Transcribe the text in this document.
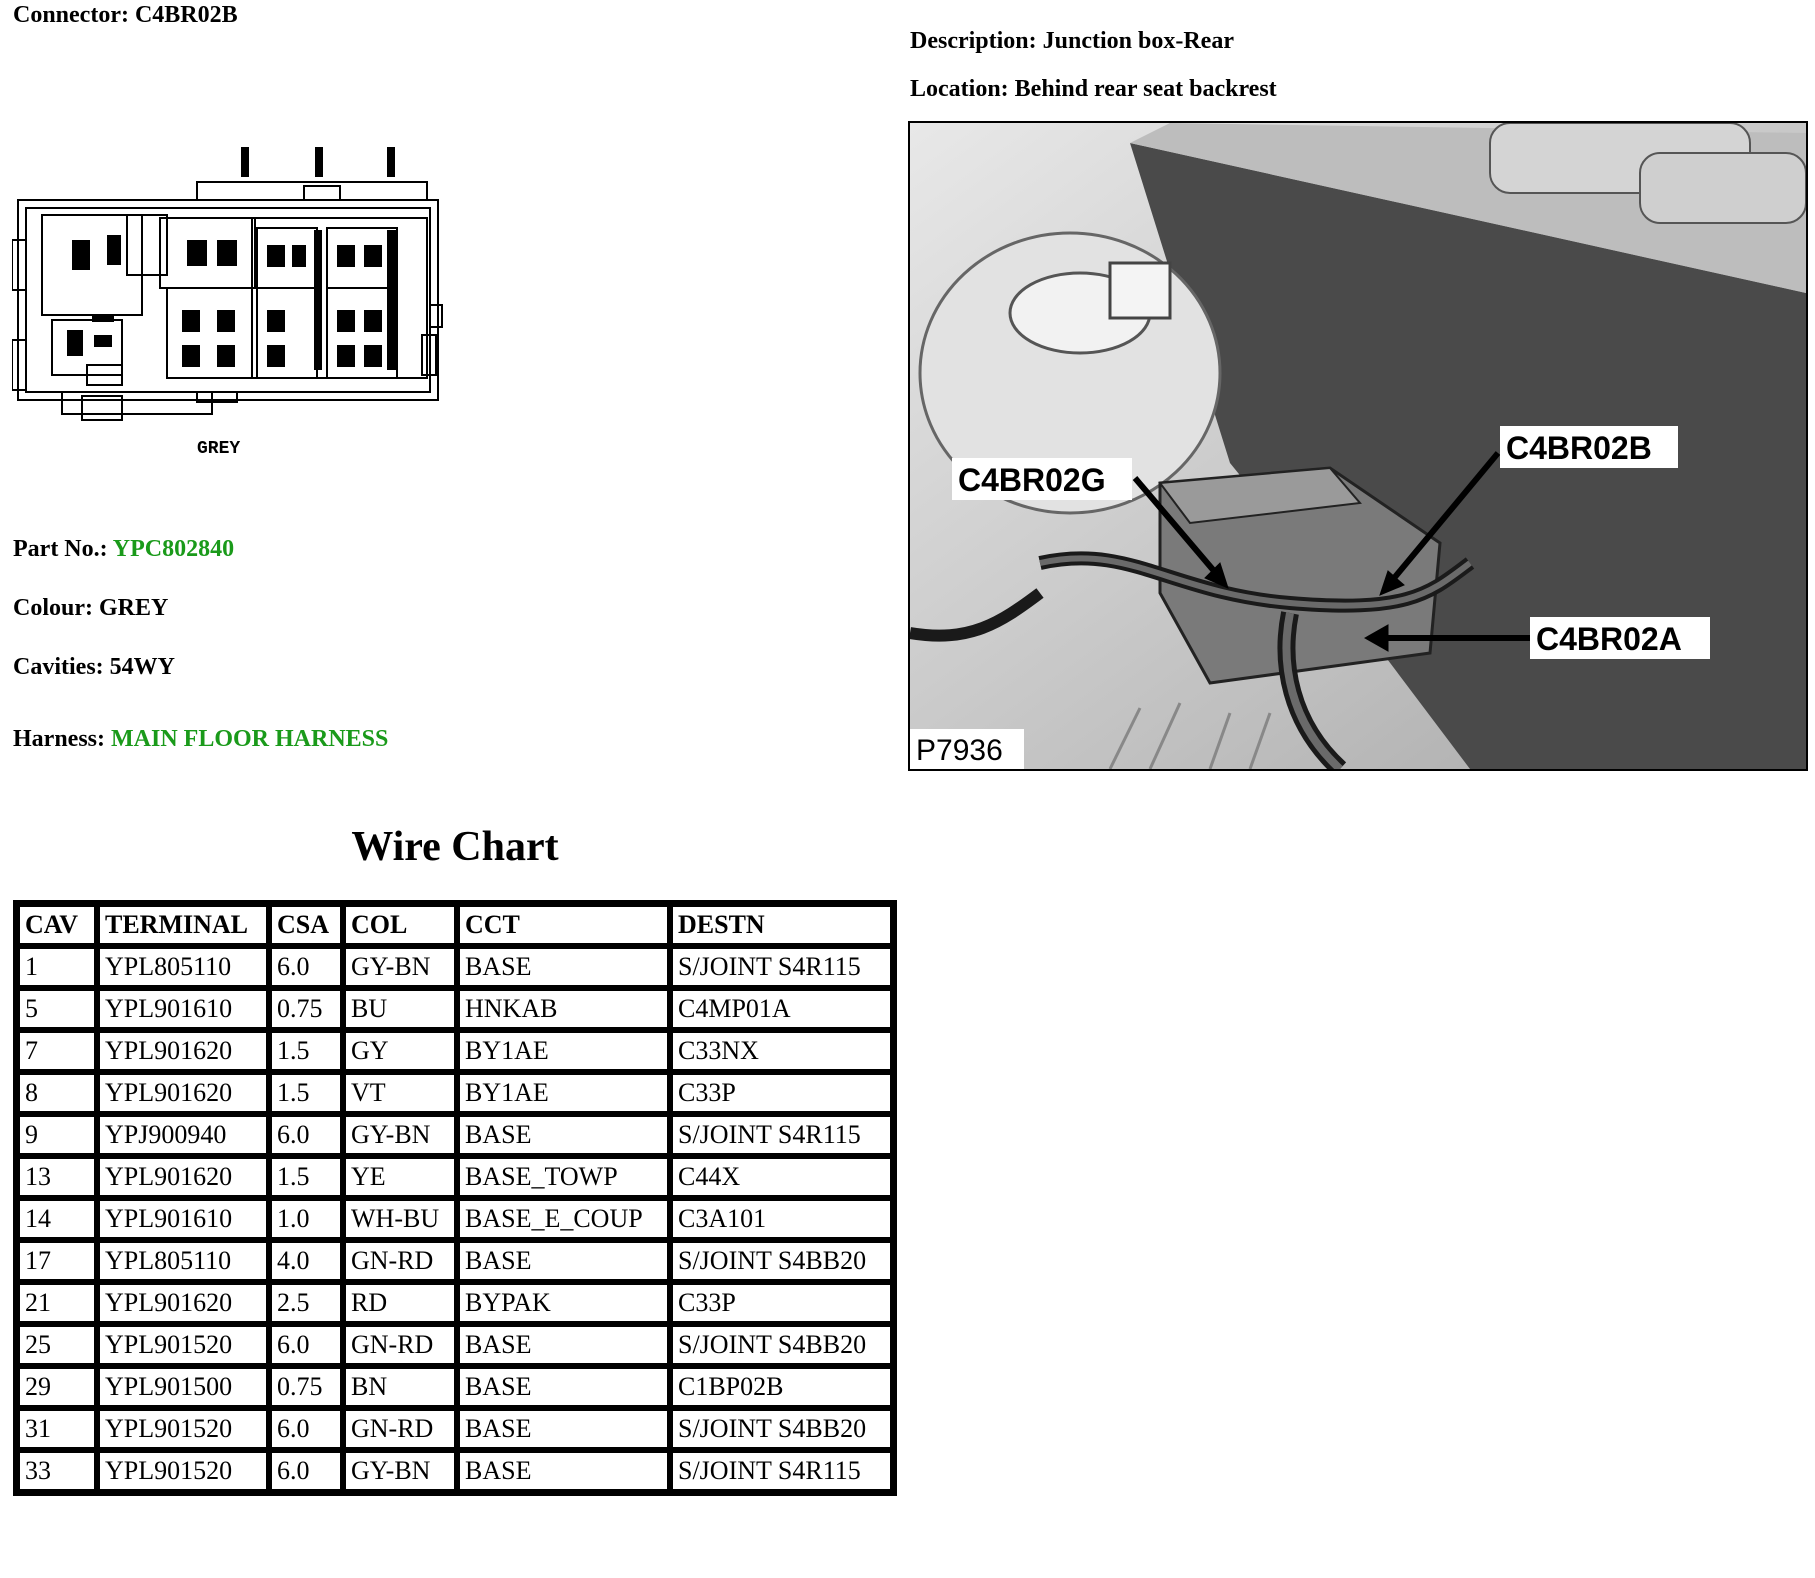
Connector: C4BR02B
Description: Junction box-Rear
Location: Behind rear seat backrest
GREY
C4BR02G
C4BR02B
C4BR02A
P7936
Part No.: YPC802840
Colour: GREY
Cavities: 54WY
Harness: MAIN FLOOR HARNESS
Wire Chart
CAV	TERMINAL	CSA	COL	CCT	DESTN
1	YPL805110	6.0	GY-BN	BASE	S/JOINT S4R115
5	YPL901610	0.75	BU	HNKAB	C4MP01A
7	YPL901620	1.5	GY	BY1AE	C33NX
8	YPL901620	1.5	VT	BY1AE	C33P
9	YPJ900940	6.0	GY-BN	BASE	S/JOINT S4R115
13	YPL901620	1.5	YE	BASE_TOWP	C44X
14	YPL901610	1.0	WH-BU	BASE_E_COUP	C3A101
17	YPL805110	4.0	GN-RD	BASE	S/JOINT S4BB20
21	YPL901620	2.5	RD	BYPAK	C33P
25	YPL901520	6.0	GN-RD	BASE	S/JOINT S4BB20
29	YPL901500	0.75	BN	BASE	C1BP02B
31	YPL901520	6.0	GN-RD	BASE	S/JOINT S4BB20
33	YPL901520	6.0	GY-BN	BASE	S/JOINT S4R115
